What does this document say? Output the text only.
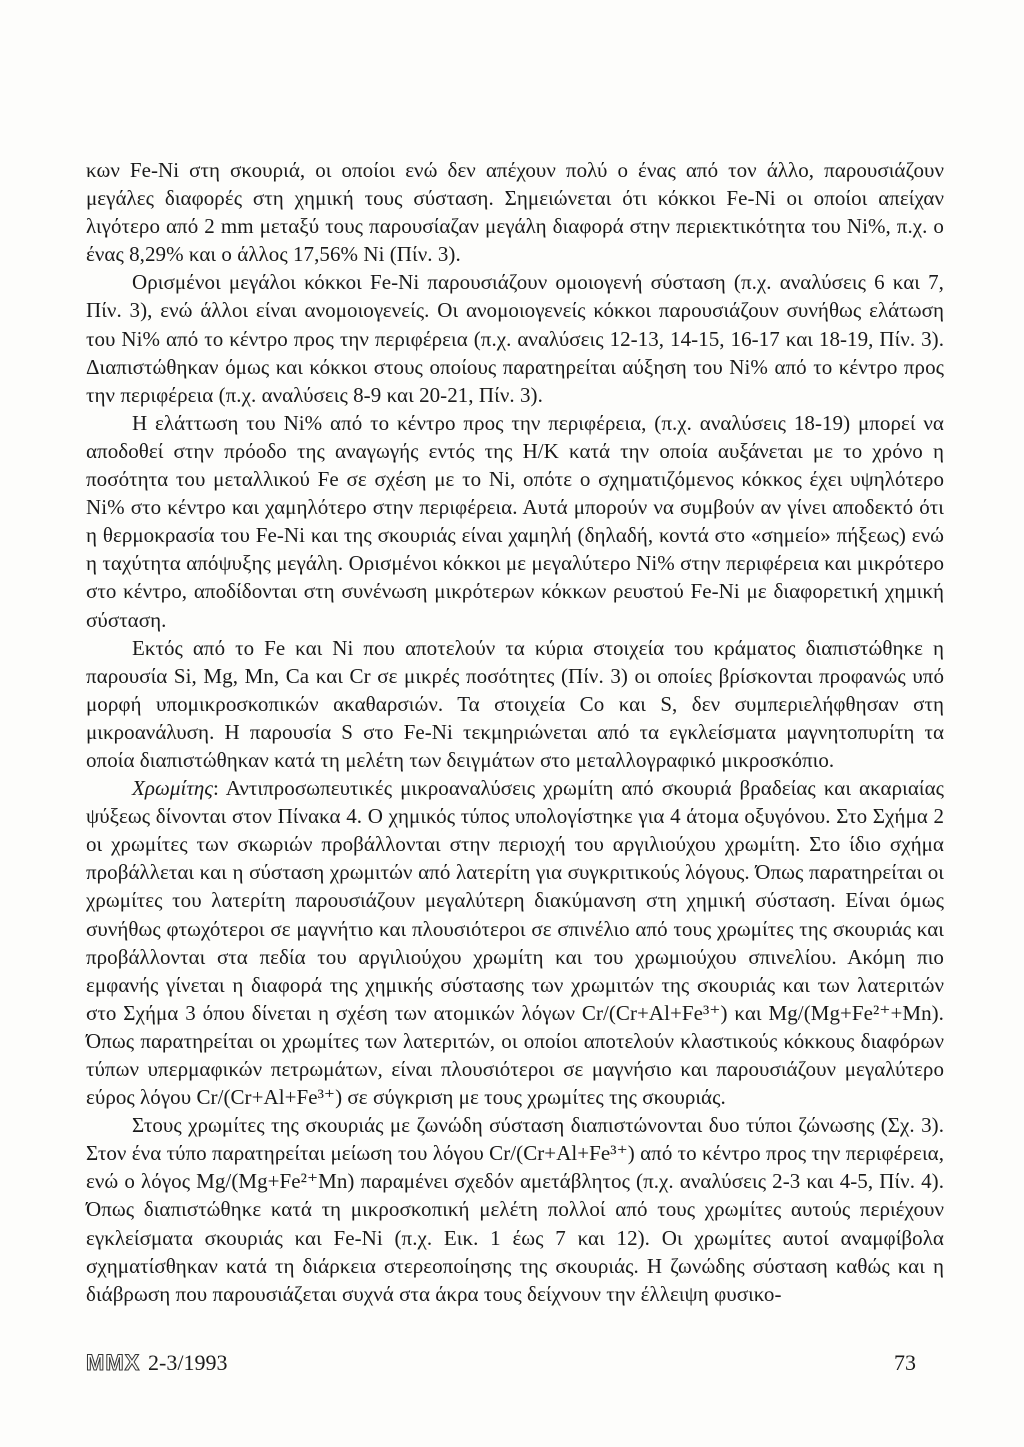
κων Fe-Ni στη σκουριά, οι οποίοι ενώ δεν απέχουν πολύ ο ένας από τον άλλο, παρουσιάζουν μεγάλες διαφορές στη χημική τους σύσταση. Σημειώνεται ότι κόκκοι Fe-Ni οι οποίοι απείχαν λιγότερο από 2 mm μεταξύ τους παρουσίαζαν μεγάλη διαφορά στην περιεκτικότητα του Ni%, π.χ. ο ένας 8,29% και ο άλλος 17,56% Ni (Πίν. 3).

Ορισμένοι μεγάλοι κόκκοι Fe-Ni παρουσιάζουν ομοιογενή σύσταση (π.χ. αναλύσεις 6 και 7, Πίν. 3), ενώ άλλοι είναι ανομοιογενείς. Οι ανομοιογενείς κόκκοι παρουσιάζουν συνήθως ελάτωση του Ni% από το κέντρο προς την περιφέρεια (π.χ. αναλύσεις 12-13, 14-15, 16-17 και 18-19, Πίν. 3). Διαπιστώθηκαν όμως και κόκκοι στους οποίους παρατηρείται αύξηση του Ni% από το κέντρο προς την περιφέρεια (π.χ. αναλύσεις 8-9 και 20-21, Πίν. 3).

Η ελάττωση του Ni% από το κέντρο προς την περιφέρεια, (π.χ. αναλύσεις 18-19) μπορεί να αποδοθεί στην πρόοδο της αναγωγής εντός της Η/Κ κατά την οποία αυξάνεται με το χρόνο η ποσότητα του μεταλλικού Fe σε σχέση με το Ni, οπότε ο σχηματιζόμενος κόκκος έχει υψηλότερο Ni% στο κέντρο και χαμηλότερο στην περιφέρεια. Αυτά μπορούν να συμβούν αν γίνει αποδεκτό ότι η θερμοκρασία του Fe-Ni και της σκουριάς είναι χαμηλή (δηλαδή, κοντά στο «σημείο» πήξεως) ενώ η ταχύτητα απόψυξης μεγάλη. Ορισμένοι κόκκοι με μεγαλύτερο Ni% στην περιφέρεια και μικρότερο στο κέντρο, αποδίδονται στη συνένωση μικρότερων κόκκων ρευστού Fe-Ni με διαφορετική χημική σύσταση.

Εκτός από το Fe και Ni που αποτελούν τα κύρια στοιχεία του κράματος διαπιστώθηκε η παρουσία Si, Mg, Mn, Ca και Cr σε μικρές ποσότητες (Πίν. 3) οι οποίες βρίσκονται προφανώς υπό μορφή υπομικροσκοπικών ακαθαρσιών. Τα στοιχεία Co και S, δεν συμπεριελήφθησαν στη μικροανάλυση. Η παρουσία S στο Fe-Ni τεκμηριώνεται από τα εγκλείσματα μαγνητοπυρίτη τα οποία διαπιστώθηκαν κατά τη μελέτη των δειγμάτων στο μεταλλογραφικό μικροσκόπιο.

Χρωμίτης: Αντιπροσωπευτικές μικροαναλύσεις χρωμίτη από σκουριά βραδείας και ακαριαίας ψύξεως δίνονται στον Πίνακα 4. Ο χημικός τύπος υπολογίστηκε για 4 άτομα οξυγόνου. Στο Σχήμα 2 οι χρωμίτες των σκωριών προβάλλονται στην περιοχή του αργιλιούχου χρωμίτη. Στο ίδιο σχήμα προβάλλεται και η σύσταση χρωμιτών από λατερίτη για συγκριτικούς λόγους. Όπως παρατηρείται οι χρωμίτες του λατερίτη παρουσιάζουν μεγαλύτερη διακύμανση στη χημική σύσταση. Είναι όμως συνήθως φτωχότεροι σε μαγνήτιο και πλουσιότεροι σε σπινέλιο από τους χρωμίτες της σκουριάς και προβάλλονται στα πεδία του αργιλιούχου χρωμίτη και του χρωμιούχου σπινελίου. Ακόμη πιο εμφανής γίνεται η διαφορά της χημικής σύστασης των χρωμιτών της σκουριάς και των λατεριτών στο Σχήμα 3 όπου δίνεται η σχέση των ατομικών λόγων Cr/(Cr+Al+Fe³⁺) και Mg/(Mg+Fe²⁺+Mn). Όπως παρατηρείται οι χρωμίτες των λατεριτών, οι οποίοι αποτελούν κλαστικούς κόκκους διαφόρων τύπων υπερμαφικών πετρωμάτων, είναι πλουσιότεροι σε μαγνήσιο και παρουσιάζουν μεγαλύτερο εύρος λόγου Cr/(Cr+Al+Fe³⁺) σε σύγκριση με τους χρωμίτες της σκουριάς.

Στους χρωμίτες της σκουριάς με ζωνώδη σύσταση διαπιστώνονται δυο τύποι ζώνωσης (Σχ. 3). Στον ένα τύπο παρατηρείται μείωση του λόγου Cr/(Cr+Al+Fe³⁺) από το κέντρο προς την περιφέρεια, ενώ ο λόγος Mg/(Mg+Fe²⁺Mn) παραμένει σχεδόν αμετάβλητος (π.χ. αναλύσεις 2-3 και 4-5, Πίν. 4). Όπως διαπιστώθηκε κατά τη μικροσκοπική μελέτη πολλοί από τους χρωμίτες αυτούς περιέχουν εγκλείσματα σκουριάς και Fe-Ni (π.χ. Εικ. 1 έως 7 και 12). Οι χρωμίτες αυτοί αναμφίβολα σχηματίσθηκαν κατά τη διάρκεια στερεοποίησης της σκουριάς. Η ζωνώδης σύσταση καθώς και η διάβρωση που παρουσιάζεται συχνά στα άκρα τους δείχνουν την έλλειψη φυσικο-

ΜΜΧ 2-3/1993	73
